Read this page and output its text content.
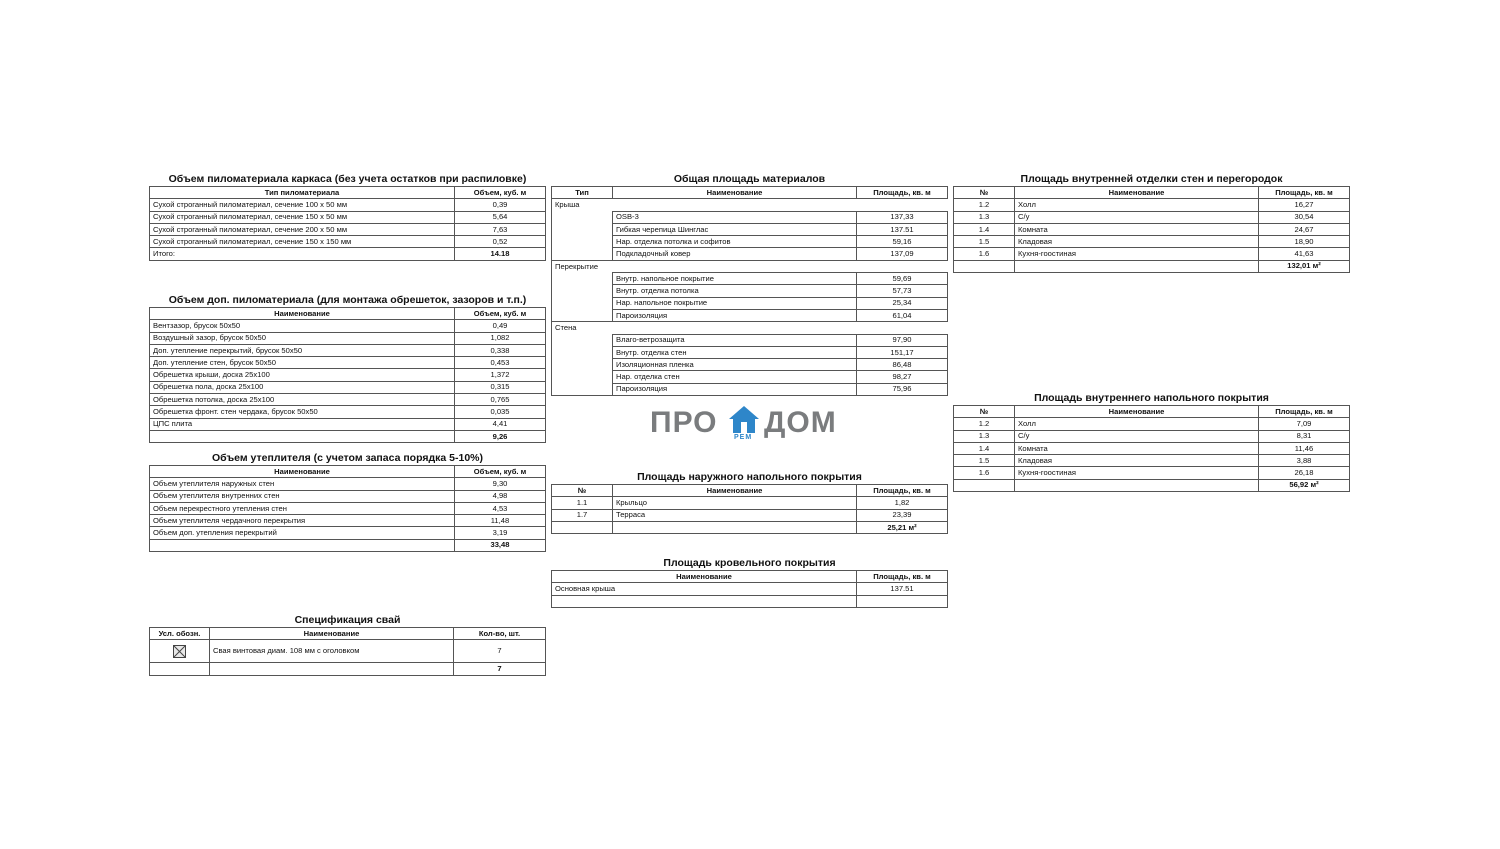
Объем пиломатериала каркаса (без учета остатков при распиловке)
Тип пиломатериала	Объем, куб. м
Сухой строганный пиломатериал, сечение 100 х 50 мм	0,39
Сухой строганный пиломатериал, сечение 150 х 50 мм	5,64
Сухой строганный пиломатериал, сечение 200 х 50 мм	7,63
Сухой строганный пиломатериал, сечение 150 х 150 мм	0,52
Итого:	14.18
Объем доп. пиломатериала (для монтажа обрешеток, зазоров и т.п.)
Наименование	Объем, куб. м
Вентзазор, брусок 50х50	0,49
Воздушный зазор, брусок 50х50	1,082
Доп. утепление перекрытий, брусок 50х50	0,338
Доп. утепление стен, брусок 50х50	0,453
Обрешетка крыши, доска 25х100	1,372
Обрешетка пола, доска 25х100	0,315
Обрешетка потолка, доска 25х100	0,765
Обрешетка фронт. стен чердака, брусок 50х50	0,035
ЦПС плита	4,41
	9,26
Объем утеплителя (с учетом запаса порядка 5-10%)
Наименование	Объем, куб. м
Объем утеплителя наружных стен	9,30
Объем утеплителя внутренних стен	4,98
Объем перекрестного утепления стен	4,53
Объем утеплителя чердачного перекрытия	11,48
Объем доп. утепления перекрытий	3,19
	33,48
Спецификация свай
Усл. обозн.	Наименование	Кол-во, шт.
	Свая винтовая диам. 108 мм с оголовком	7
		7
Общая площадь материалов
Тип	Наименование	Площадь, кв. м
Крыша		
	OSB-3	137,33
	Гибкая черепица Шинглас	137.51
	Нар. отделка потолка и софитов	59,16
	Подкладочный ковер	137,09
Перекрытие		
	Внутр. напольное покрытие	59,69
	Внутр. отделка потолка	57,73
	Нар. напольное покрытие	25,34
	Пароизоляция	61,04
Стена		
	Влаго-ветрозащита	97,90
	Внутр. отделка стен	151,17
	Изоляционная пленка	86,48
	Нар. отделка стен	98,27
	Пароизоляция	75,96
ПРО РЕМ ДОМ
Площадь наружного напольного покрытия
№	Наименование	Площадь, кв. м
1.1	Крыльцо	1,82
1.7	Терраса	23,39
		25,21 м²
Площадь кровельного покрытия
Наименование	Площадь, кв. м
Основная крыша	137.51

Площадь внутренней отделки стен и перегородок
№	Наименование	Площадь, кв. м
1.2	Холл	16,27
1.3	С/у	30,54
1.4	Комната	24,67
1.5	Кладовая	18,90
1.6	Кухня-гоостиная	41,63
		132,01 м²
Площадь внутреннего напольного покрытия
№	Наименование	Площадь, кв. м
1.2	Холл	7,09
1.3	С/у	8,31
1.4	Комната	11,46
1.5	Кладовая	3,88
1.6	Кухня-гоостиная	26,18
		56,92 м²
